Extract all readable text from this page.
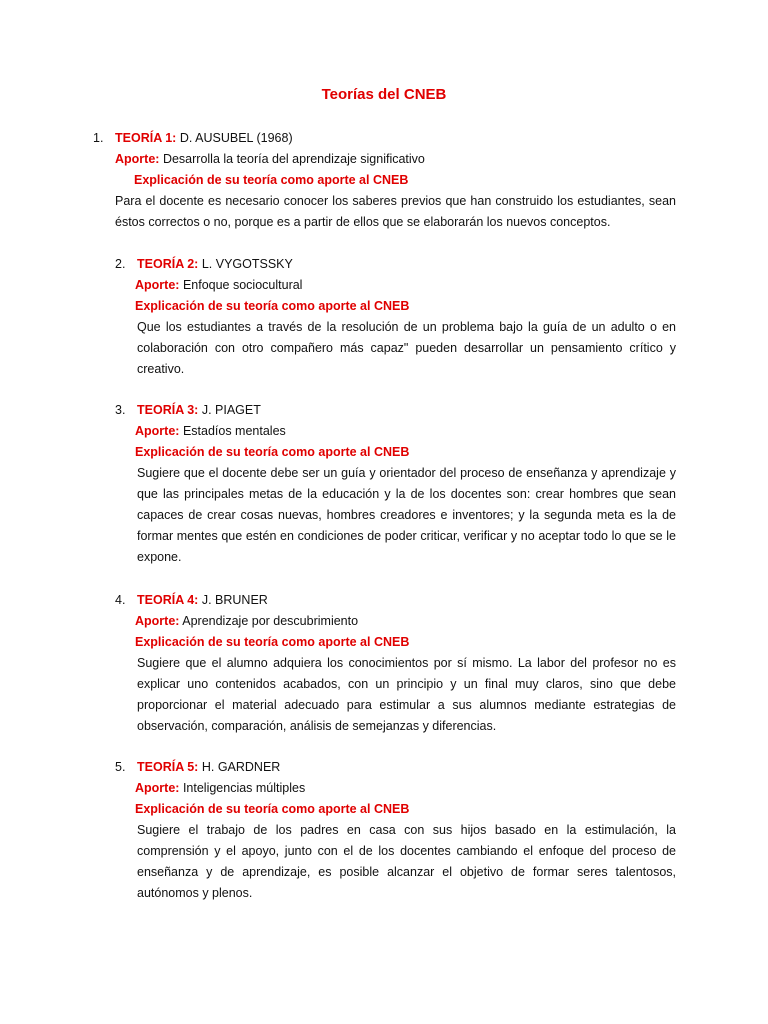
Teorías del CNEB
1. TEORÍA 1: D. AUSUBEL (1968)
Aporte: Desarrolla la teoría del aprendizaje significativo
Explicación de su teoría como aporte al CNEB

Para el docente es necesario conocer los saberes previos que han construido los estudiantes, sean éstos correctos o no, porque es a partir de ellos que se elaborarán los nuevos conceptos.

2. TEORÍA 2: L. VYGOTSSKY
Aporte: Enfoque sociocultural
Explicación de su teoría como aporte al CNEB

Que los estudiantes a través de la resolución de un problema bajo la guía de un adulto o en colaboración con otro compañero más capaz" pueden desarrollar un pensamiento crítico y creativo.

3. TEORÍA 3: J. PIAGET
Aporte: Estadíos mentales
Explicación de su teoría como aporte al CNEB

Sugiere que el docente debe ser un guía y orientador del proceso de enseñanza y aprendizaje y que las principales metas de la educación y la de los docentes son: crear hombres que sean capaces de crear cosas nuevas, hombres creadores e inventores; y la segunda meta es la de formar mentes que estén en condiciones de poder criticar, verificar y no aceptar todo lo que se le expone.

4. TEORÍA 4: J. BRUNER
Aporte: Aprendizaje por descubrimiento
Explicación de su teoría como aporte al CNEB

Sugiere que el alumno adquiera los conocimientos por sí mismo. La labor del profesor no es explicar uno contenidos acabados, con un principio y un final muy claros, sino que debe proporcionar el material adecuado para estimular a sus alumnos mediante estrategias de observación, comparación, análisis de semejanzas y diferencias.

5. TEORÍA 5: H. GARDNER
Aporte: Inteligencias múltiples
Explicación de su teoría como aporte al CNEB

Sugiere el trabajo de los padres en casa con sus hijos basado en la estimulación, la comprensión y el apoyo, junto con el de los docentes cambiando el enfoque del proceso de enseñanza y de aprendizaje, es posible alcanzar el objetivo de formar seres talentosos, autónomos y plenos.
